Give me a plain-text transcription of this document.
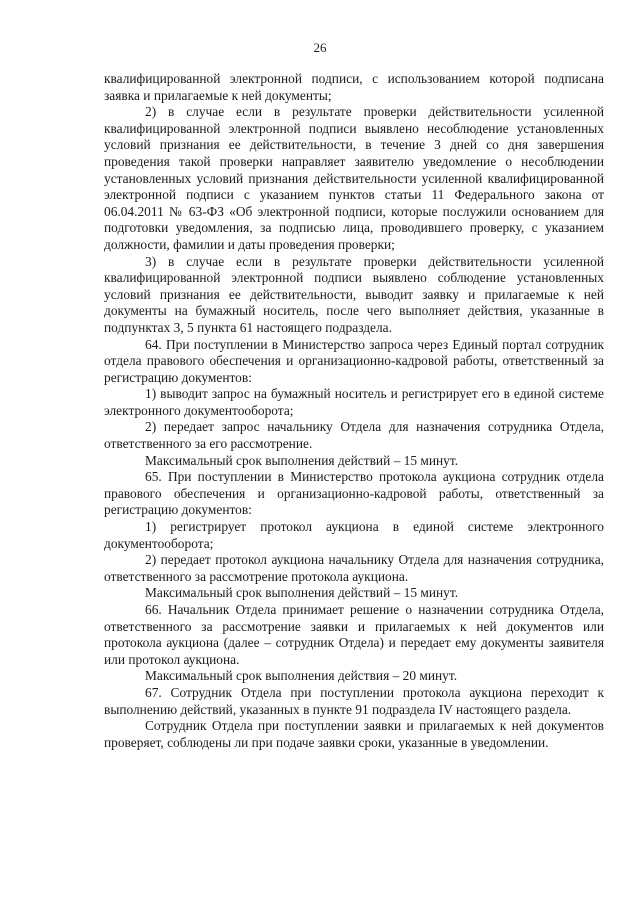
26

квалифицированной электронной подписи, с использованием которой подписана заявка и прилагаемые к ней документы;

2) в случае если в результате проверки действительности усиленной квалифицированной электронной подписи выявлено несоблюдение установленных условий признания ее действительности, в течение 3 дней со дня завершения проведения такой проверки направляет заявителю уведомление о несоблюдении установленных условий признания действительности усиленной квалифицированной электронной подписи с указанием пунктов статьи 11 Федерального закона от 06.04.2011 № 63-ФЗ «Об электронной подписи, которые послужили основанием для подготовки уведомления, за подписью лица, проводившего проверку, с указанием должности, фамилии и даты проведения проверки;

3) в случае если в результате проверки действительности усиленной квалифицированной электронной подписи выявлено соблюдение установленных условий признания ее действительности, выводит заявку и прилагаемые к ней документы на бумажный носитель, после чего выполняет действия, указанные в подпунктах 3, 5 пункта 61 настоящего подраздела.

64. При поступлении в Министерство запроса через Единый портал сотрудник отдела правового обеспечения и организационно-кадровой работы, ответственный за регистрацию документов:

1) выводит запрос на бумажный носитель и регистрирует его в единой системе электронного документооборота;

2) передает запрос начальнику Отдела для назначения сотрудника Отдела, ответственного за его рассмотрение.

Максимальный срок выполнения действий – 15 минут.

65. При поступлении в Министерство протокола аукциона сотрудник отдела правового обеспечения и организационно-кадровой работы, ответственный за регистрацию документов:

1) регистрирует протокол аукциона в единой системе электронного документооборота;

2) передает протокол аукциона начальнику Отдела для назначения сотрудника, ответственного за рассмотрение протокола аукциона.

Максимальный срок выполнения действий – 15 минут.

66. Начальник Отдела принимает решение о назначении сотрудника Отдела, ответственного за рассмотрение заявки и прилагаемых к ней документов или протокола аукциона (далее – сотрудник Отдела) и передает ему документы заявителя или протокол аукциона.

Максимальный срок выполнения действия – 20 минут.

67. Сотрудник Отдела при поступлении протокола аукциона переходит к выполнению действий, указанных в пункте 91 подраздела IV настоящего раздела.

Сотрудник Отдела при поступлении заявки и прилагаемых к ней документов проверяет, соблюдены ли при подаче заявки сроки, указанные в уведомлении.
